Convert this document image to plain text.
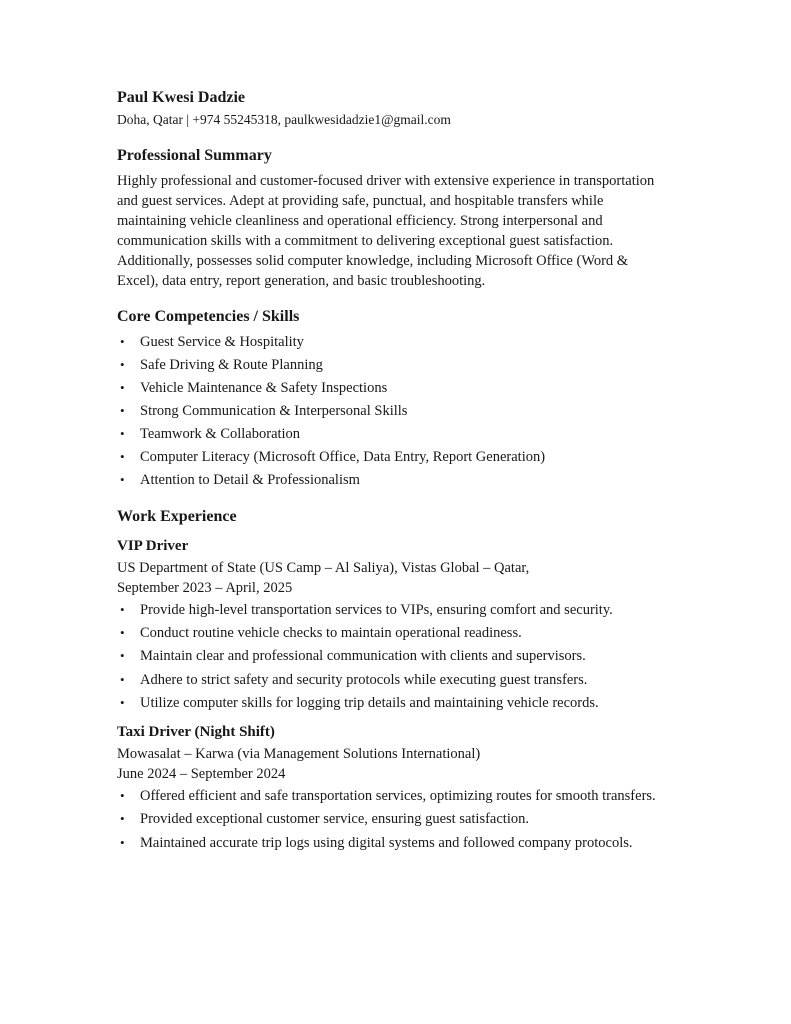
Paul Kwesi Dadzie
Doha, Qatar | +974 55245318, paulkwesidadzie1@gmail.com
Professional Summary

Highly professional and customer-focused driver with extensive experience in transportation and guest services. Adept at providing safe, punctual, and hospitable transfers while maintaining vehicle cleanliness and operational efficiency. Strong interpersonal and communication skills with a commitment to delivering exceptional guest satisfaction. Additionally, possesses solid computer knowledge, including Microsoft Office (Word & Excel), data entry, report generation, and basic troubleshooting.

Core Competencies / Skills
•	Guest Service & Hospitality
•	Safe Driving & Route Planning
•	Vehicle Maintenance & Safety Inspections
•	Strong Communication & Interpersonal Skills
•	Teamwork & Collaboration
•	Computer Literacy (Microsoft Office, Data Entry, Report Generation)
•	Attention to Detail & Professionalism
Work Experience
VIP Driver

US Department of State (US Camp – Al Saliya), Vistas Global – Qatar,

September 2023 – April, 2025

•	Provide high-level transportation services to VIPs, ensuring comfort and security.
•	Conduct routine vehicle checks to maintain operational readiness.
•	Maintain clear and professional communication with clients and supervisors.
•	Adhere to strict safety and security protocols while executing guest transfers.
•	Utilize computer skills for logging trip details and maintaining vehicle records.
Taxi Driver (Night Shift)

Mowasalat – Karwa (via Management Solutions International)

June 2024 – September 2024

•	Offered efficient and safe transportation services, optimizing routes for smooth transfers.
•	Provided exceptional customer service, ensuring guest satisfaction.
•	Maintained accurate trip logs using digital systems and followed company protocols.
